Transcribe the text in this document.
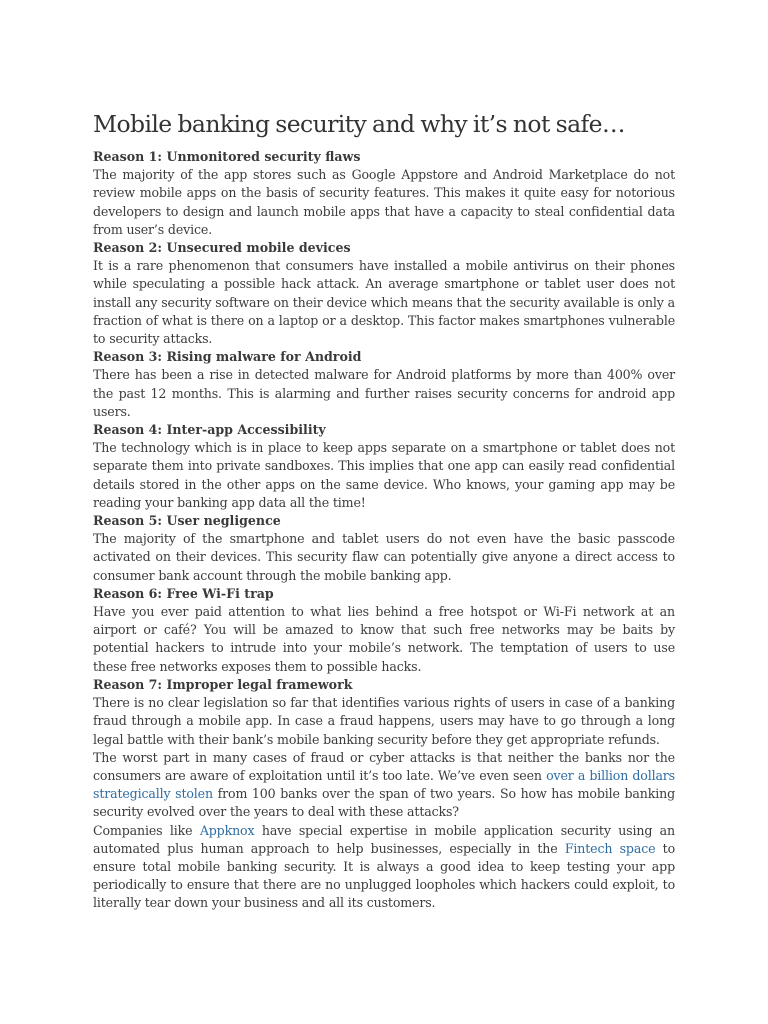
Mobile banking security and why it’s not safe…

Reason 1: Unmonitored security flaws

The majority of the app stores such as Google Appstore and Android Marketplace do not review mobile apps on the basis of security features. This makes it quite easy for notorious developers to design and launch mobile apps that have a capacity to steal confidential data from user’s device.

Reason 2: Unsecured mobile devices

It is a rare phenomenon that consumers have installed a mobile antivirus on their phones while speculating a possible hack attack. An average smartphone or tablet user does not install any security software on their device which means that the security available is only a fraction of what is there on a laptop or a desktop. This factor makes smartphones vulnerable to security attacks.

Reason 3: Rising malware for Android

There has been a rise in detected malware for Android platforms by more than 400% over the past 12 months. This is alarming and further raises security concerns for android app users.

Reason 4: Inter-app Accessibility

The technology which is in place to keep apps separate on a smartphone or tablet does not separate them into private sandboxes. This implies that one app can easily read confidential details stored in the other apps on the same device. Who knows, your gaming app may be reading your banking app data all the time!

Reason 5: User negligence

The majority of the smartphone and tablet users do not even have the basic passcode activated on their devices. This security flaw can potentially give anyone a direct access to consumer bank account through the mobile banking app.

Reason 6: Free Wi-Fi trap

Have you ever paid attention to what lies behind a free hotspot or Wi-Fi network at an airport or café? You will be amazed to know that such free networks may be baits by potential hackers to intrude into your mobile’s network. The temptation of users to use these free networks exposes them to possible hacks.

Reason 7: Improper legal framework

There is no clear legislation so far that identifies various rights of users in case of a banking fraud through a mobile app. In case a fraud happens, users may have to go through a long legal battle with their bank’s mobile banking security before they get appropriate refunds.

The worst part in many cases of fraud or cyber attacks is that neither the banks nor the consumers are aware of exploitation until it’s too late. We’ve even seen over a billion dollars strategically stolen from 100 banks over the span of two years. So how has mobile banking security evolved over the years to deal with these attacks?

Companies like Appknox have special expertise in mobile application security using an automated plus human approach to help businesses, especially in the Fintech space to ensure total mobile banking security. It is always a good idea to keep testing your app periodically to ensure that there are no unplugged loopholes which hackers could exploit, to literally tear down your business and all its customers.
